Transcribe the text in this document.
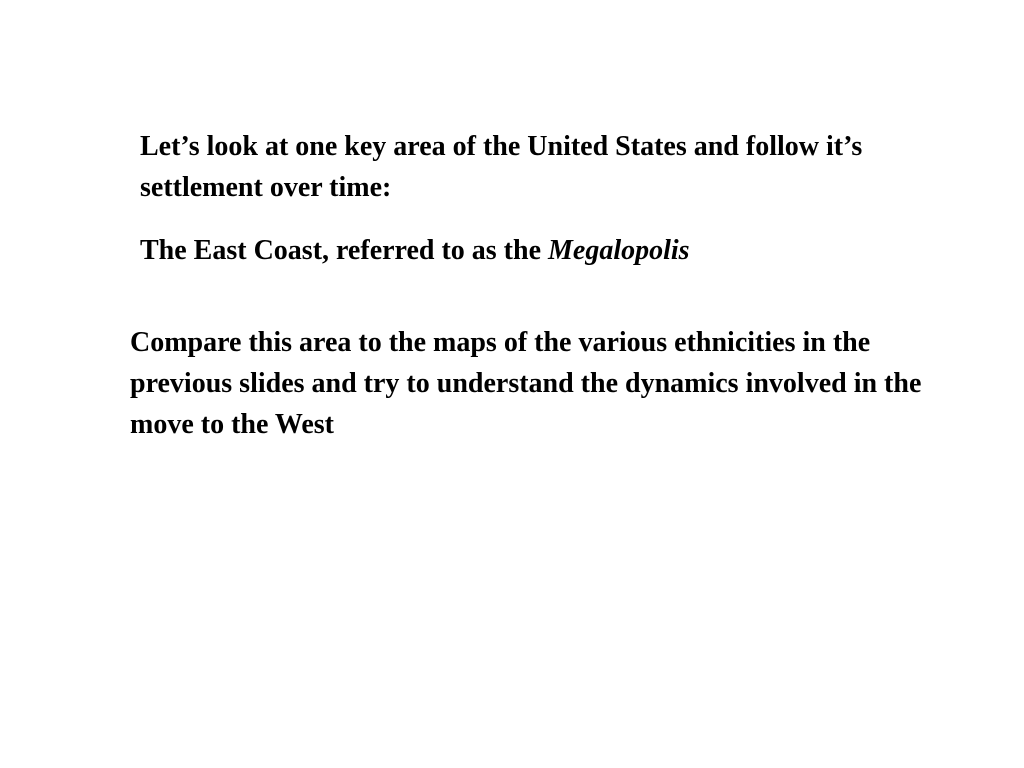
Let’s look at one key area of the United States and follow it’s settlement over time:

The East Coast, referred to as the Megalopolis

Compare this area to the maps of the various ethnicities in the previous slides and try to understand the dynamics involved in the move to the West
